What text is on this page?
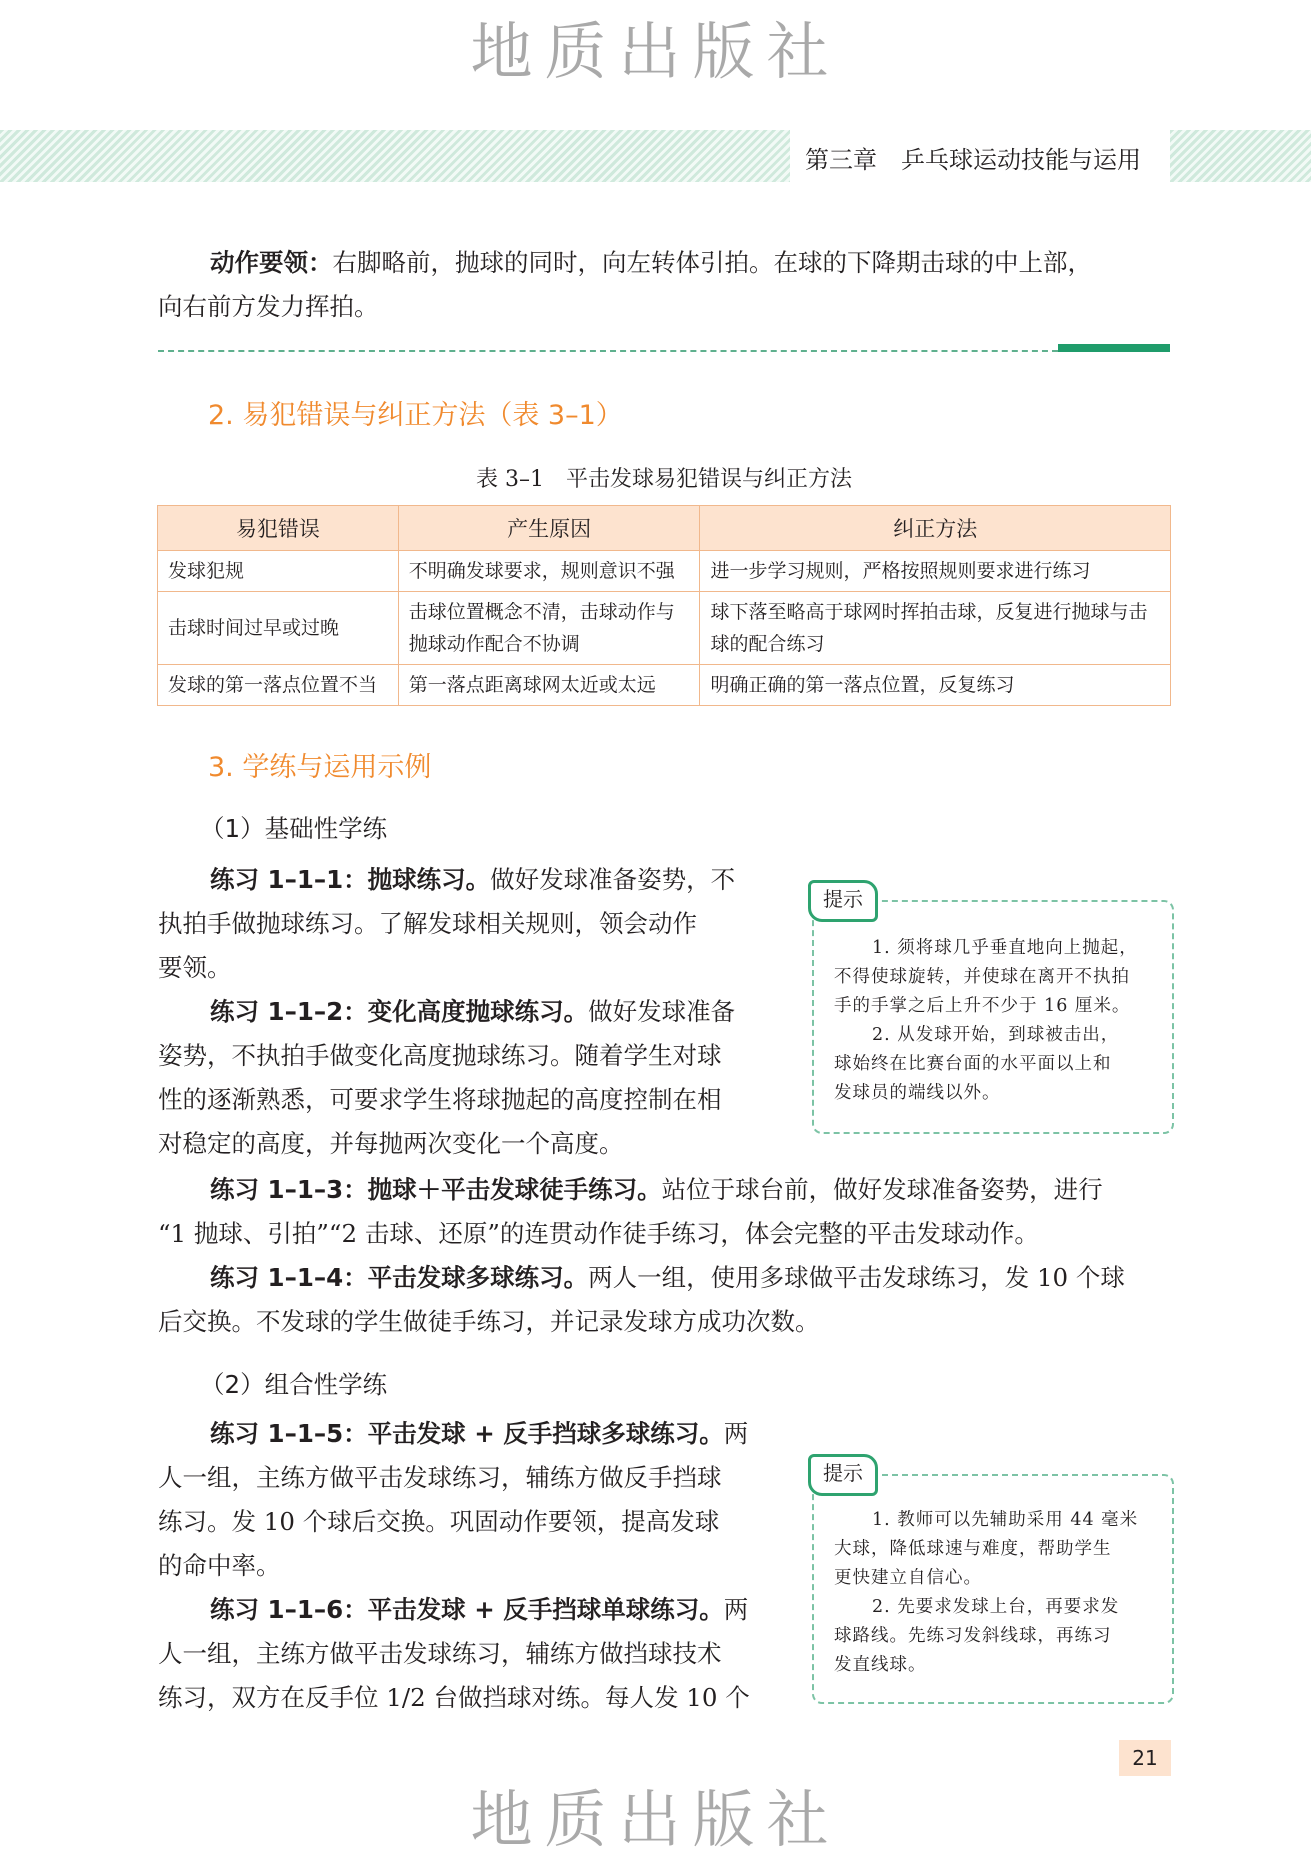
地质出版社
第三章　乒乓球运动技能与运用
动作要领：右脚略前，抛球的同时，向左转体引拍。在球的下降期击球的中上部，
向右前方发力挥拍。
2. 易犯错误与纠正方法（表 3–1）
表 3–1　平击发球易犯错误与纠正方法
易犯错误	产生原因	纠正方法
发球犯规	不明确发球要求，规则意识不强	进一步学习规则，严格按照规则要求进行练习
击球时间过早或过晚	击球位置概念不清，击球动作与抛球动作配合不协调	球下落至略高于球网时挥拍击球，反复进行抛球与击球的配合练习
发球的第一落点位置不当	第一落点距离球网太近或太远	明确正确的第一落点位置，反复练习
3. 学练与运用示例
（1）基础性学练
练习 1–1–1：抛球练习。做好发球准备姿势，不
执拍手做抛球练习。了解发球相关规则，领会动作
要领。
练习 1–1–2：变化高度抛球练习。做好发球准备
姿势，不执拍手做变化高度抛球练习。随着学生对球
性的逐渐熟悉，可要求学生将球抛起的高度控制在相
对稳定的高度，并每抛两次变化一个高度。
练习 1–1–3：抛球＋平击发球徒手练习。站位于球台前，做好发球准备姿势，进行
“1 抛球、引拍”“2 击球、还原”的连贯动作徒手练习，体会完整的平击发球动作。
练习 1–1–4：平击发球多球练习。两人一组，使用多球做平击发球练习，发 10 个球
后交换。不发球的学生做徒手练习，并记录发球方成功次数。
（2）组合性学练
练习 1–1–5：平击发球 + 反手挡球多球练习。两
人一组，主练方做平击发球练习，辅练方做反手挡球
练习。发 10 个球后交换。巩固动作要领，提高发球
的命中率。
练习 1–1–6：平击发球 + 反手挡球单球练习。两
人一组，主练方做平击发球练习，辅练方做挡球技术
练习，双方在反手位 1/2 台做挡球对练。每人发 10 个
提示
1. 须将球几乎垂直地向上抛起，
不得使球旋转，并使球在离开不执拍
手的手掌之后上升不少于 16 厘米。
2. 从发球开始，到球被击出，
球始终在比赛台面的水平面以上和
发球员的端线以外。
提示
1. 教师可以先辅助采用 44 毫米
大球，降低球速与难度，帮助学生
更快建立自信心。
2. 先要求发球上台，再要求发
球路线。先练习发斜线球，再练习
发直线球。
21
地质出版社
